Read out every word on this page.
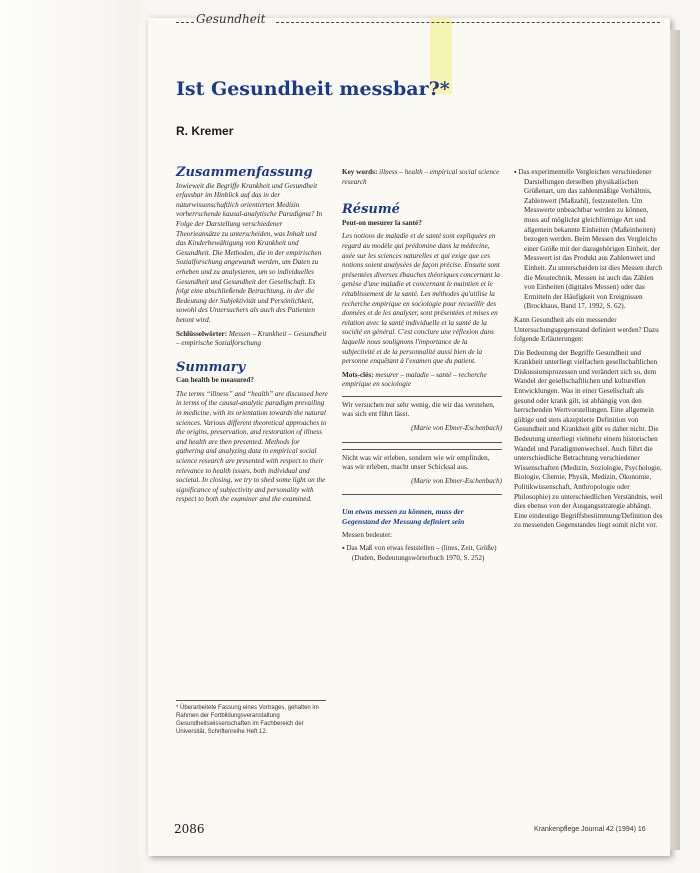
Gesundheit
Ist Gesundheit messbar?*
R. Kremer
Zusammenfassung

Inwieweit die Begriffe Krankheit und Gesundheit erfassbar im Hinblick auf das in der naturwissenschaftlich orientierten Medizin vorherrschende kausal-analytische Paradigma? In Folge der Darstellung verschiedener Theorieansätze zu unterscheiden, was Inhalt und das Kinderbewältigung von Krankheit und Gesundheit. Die Methoden, die in der empirischen Sozialforschung angewandt werden, um Daten zu erheben und zu analysieren, um so individuelles Gesundheit und Gesundheit der Gesellschaft. Es folgt eine abschließende Betrachtung, in der die Bedeutung der Subjektivität und Persönlichkeit, sowohl des Untersuchers als auch des Patienten betont wird.

Schlüsselwörter: Messen – Krankheit – Gesundheit – empirische Sozialforschung

Summary

Can health be measured?

The terms “illness” and “health” are discussed here in terms of the causal-analytic paradigm prevailing in medicine, with its orientation towards the natural sciences. Various different theoretical approaches to the origins, preservation, and restoration of illness and health are then presented. Methods for gathering and analyzing data in empirical social science research are presented with respect to their relevance to health issues, both individual and societal. In closing, we try to shed some light on the significance of subjectivity and personality with respect to both the examiner and the examined.

Key words: illness – health – empirical social science research

Résumé

Peut-on mesurer la santé?

Les notions de maladie et de santé sont expliquées en regard au modèle qui prédomine dans la médecine, axée sur les sciences naturelles et qui exige que ces notions soient analysées de façon précise. Ensuite sont présentées diverses ébauches théoriques concernant la genèse d'une maladie et concernant le maintien et le rétablissement de la santé. Les méthodes qu'utilise la recherche empirique en sociologie pour recueillir des données et de les analyser, sont présentées et mises en relation avec la santé individuelle et la santé de la société en général. C'est conclure une réflexion dans laquelle nous soulignons l'importance de la subjectivité et de la personnalité aussi bien de la personne enquêtant à l'examen que du patient.

Mots-clés: mesurer – maladie – santé – recherche empirique en sociologie

Wir versuchen nur sehr wenig, die wir das verstehen, was sich ent führt lässt.

(Marie von Ebner-Eschenbach)

Nicht was wir erleben, sondern wie wir empfinden, was wir erleben, macht unser Schicksal aus.

(Marie von Ebner-Eschenbach)

Um etwas messen zu können, muss der Gegenstand der Messung definiert sein

Messen bedeutet:

▪ Das Maß von etwas feststellen – (lines, Zeit, Größe) (Duden, Bedeutungswörterbuch 1970, S. 252)

▪ Das experimentelle Vergleichen verschiedener Darstellungen derselben physikalischen Größenart, um das zahlenmäßige Verhältnis, Zahlenwert (Maßzahl), festzustellen. Um Messwerte unbeachtbar werden zu können, muss auf möglichst gleichförmige Art und allgemein bekannte Einheiten (Maßeinheiten) bezogen werden. Beim Messen des Vergleichs einer Größe mit der dazugehörigen Einheit, der Messwert ist das Produkt aus Zahlenwert und Einheit. Zu unterscheiden ist dies Messen durch die Messtechnik. Messen ist auch das Zählen von Einheiten (digitales Messen) oder das Ermitteln der Häufigkeit von Ereignissen (Brockhaus, Band 17, 1992, S. 62).

Kann Gesundheit als ein messender Untersuchungsgegenstand definiert werden? Dazu folgende Erläuterungen:

Die Bedeutung der Begriffe Gesundheit und Krankheit unterliegt vielfachen gesellschaftlichen Diskussionsprozessen und verändert sich so, dem Wandel der gesellschaftlichen und kulturellen Entwicklungen. Was in einer Gesellschaft als gesund oder krank gilt, ist abhängig von den herrschenden Wertvorstellungen. Eine allgemein gültige und stets akzeptierte Definition von Gesundheit und Krankheit gibt es daher nicht. Die Bedeutung unterliegt vielmehr einem historischen Wandel und Paradigmenwechsel. Auch führt die unterschiedliche Betrachtung verschiedener Wissenschaften (Medizin, Soziologie, Psychologie, Biologie, Chemie, Physik, Medizin, Ökonomie, Politikwissenschaft, Anthropologie oder Philosophie) zu unterschiedlichen Verständnis, weil dies ebenso von der Ausgangsstrategie abhängt. Eine eindeutige Begriffsbestimmung/Definition des zu messenden Gegenstandes liegt somit nicht vor.

* Überarbeitete Fassung eines Vortrages, gehalten im Rahmen der Fortbildungsveranstaltung Gesundheitswissenschaften im Fachbereich der Universität, Schriftenreihe Heft 12.
2086	Krankenpflege Journal 42 (1994) 16
